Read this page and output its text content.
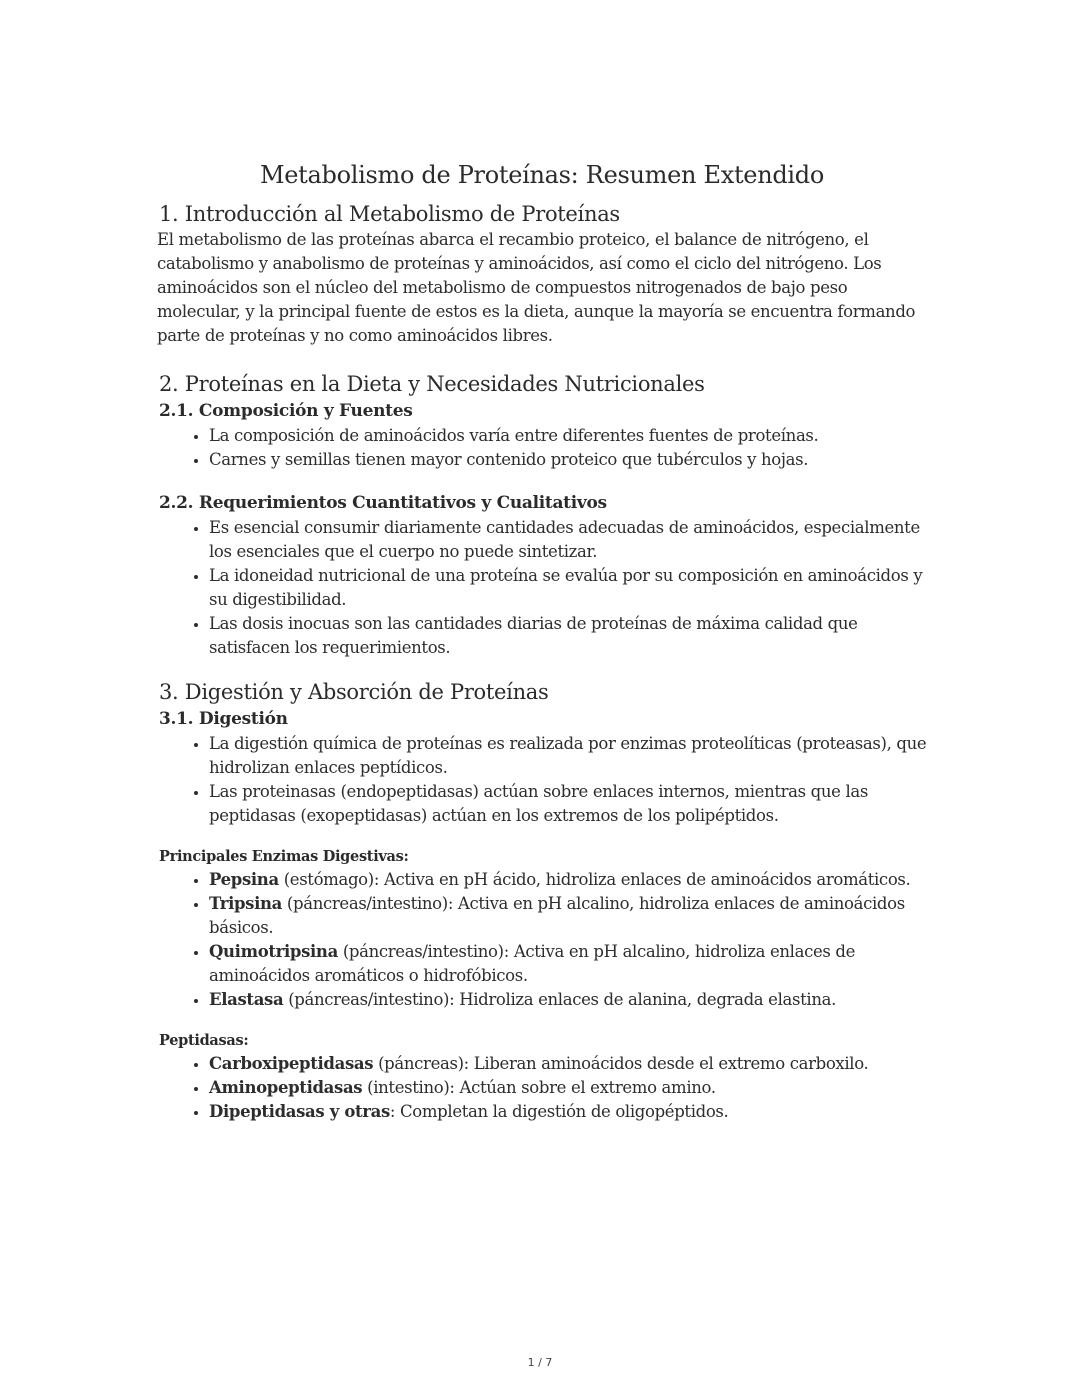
Metabolismo de Proteínas: Resumen Extendido
1. Introducción al Metabolismo de Proteínas

El metabolismo de las proteínas abarca el recambio proteico, el balance de nitrógeno, el catabolismo y anabolismo de proteínas y aminoácidos, así como el ciclo del nitrógeno. Los aminoácidos son el núcleo del metabolismo de compuestos nitrogenados de bajo peso molecular, y la principal fuente de estos es la dieta, aunque la mayoría se encuentra formando parte de proteínas y no como aminoácidos libres.

2. Proteínas en la Dieta y Necesidades Nutricionales
2.1. Composición y Fuentes
• La composición de aminoácidos varía entre diferentes fuentes de proteínas.
• Carnes y semillas tienen mayor contenido proteico que tubérculos y hojas.
2.2. Requerimientos Cuantitativos y Cualitativos
• Es esencial consumir diariamente cantidades adecuadas de aminoácidos, especialmente los esenciales que el cuerpo no puede sintetizar.
• La idoneidad nutricional de una proteína se evalúa por su composición en aminoácidos y su digestibilidad.
• Las dosis inocuas son las cantidades diarias de proteínas de máxima calidad que satisfacen los requerimientos.
3. Digestión y Absorción de Proteínas
3.1. Digestión
• La digestión química de proteínas es realizada por enzimas proteolíticas (proteasas), que hidrolizan enlaces peptídicos.
• Las proteinasas (endopeptidasas) actúan sobre enlaces internos, mientras que las peptidasas (exopeptidasas) actúan en los extremos de los polipéptidos.
Principales Enzimas Digestivas:
• Pepsina (estómago): Activa en pH ácido, hidroliza enlaces de aminoácidos aromáticos.
• Tripsina (páncreas/intestino): Activa en pH alcalino, hidroliza enlaces de aminoácidos básicos.
• Quimotripsina (páncreas/intestino): Activa en pH alcalino, hidroliza enlaces de aminoácidos aromáticos o hidrofóbicos.
• Elastasa (páncreas/intestino): Hidroliza enlaces de alanina, degrada elastina.
Peptidasas:
• Carboxipeptidasas (páncreas): Liberan aminoácidos desde el extremo carboxilo.
• Aminopeptidasas (intestino): Actúan sobre el extremo amino.
• Dipeptidasas y otras: Completan la digestión de oligopéptidos.
1 / 7
